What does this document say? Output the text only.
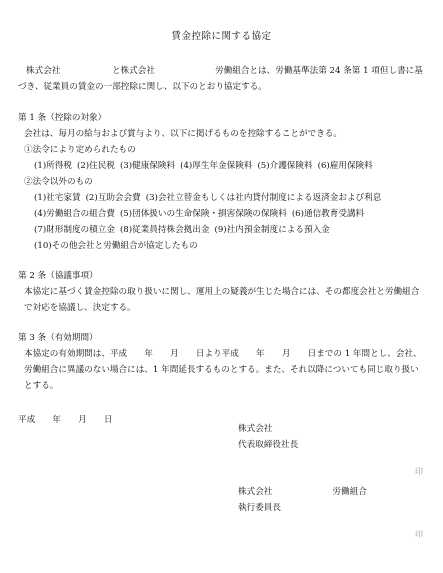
賃金控除に関する協定

株式会社　　　　　　と株式会社　　　　　　　労働組合とは、労働基準法第 24 条第 1 項但し書に基づき、従業員の賃金の一部控除に関し、以下のとおり協定する。

第 1 条（控除の対象）

会社は、毎月の給与および賞与より、以下に掲げるものを控除することができる。

①法令により定められたもの

(1)所得税 (2)住民税 (3)健康保険料 (4)厚生年金保険料 (5)介護保険料 (6)雇用保険料

②法令以外のもの

(1)社宅家賃 (2)互助会会費 (3)会社立替金もしくは社内貸付制度による返済金および利息

(4)労働組合の組合費 (5)団体扱いの生命保険・損害保険の保険料 (6)通信教育受講料

(7)財形制度の積立金 (8)従業員持株会拠出金 (9)社内預金制度による預入金

(10)その他会社と労働組合が協定したもの

第 2 条（協議事項）

本協定に基づく賃金控除の取り扱いに関し、運用上の疑義が生じた場合には、その都度会社と労働組合で対応を協議し、決定する。

第 3 条（有効期間）

本協定の有効期間は、平成　　年　　月　　日より平成　　年　　月　　日までの 1 年間とし、会社、労働組合に異議のない場合には、1 年間延長するものとする。また、それ以降についても同じ取り扱いとする。

平成　　年　　月　　日

株式会社

代表取締役社長

印

株式会社　　　　　　　労働組合

執行委員長

印
